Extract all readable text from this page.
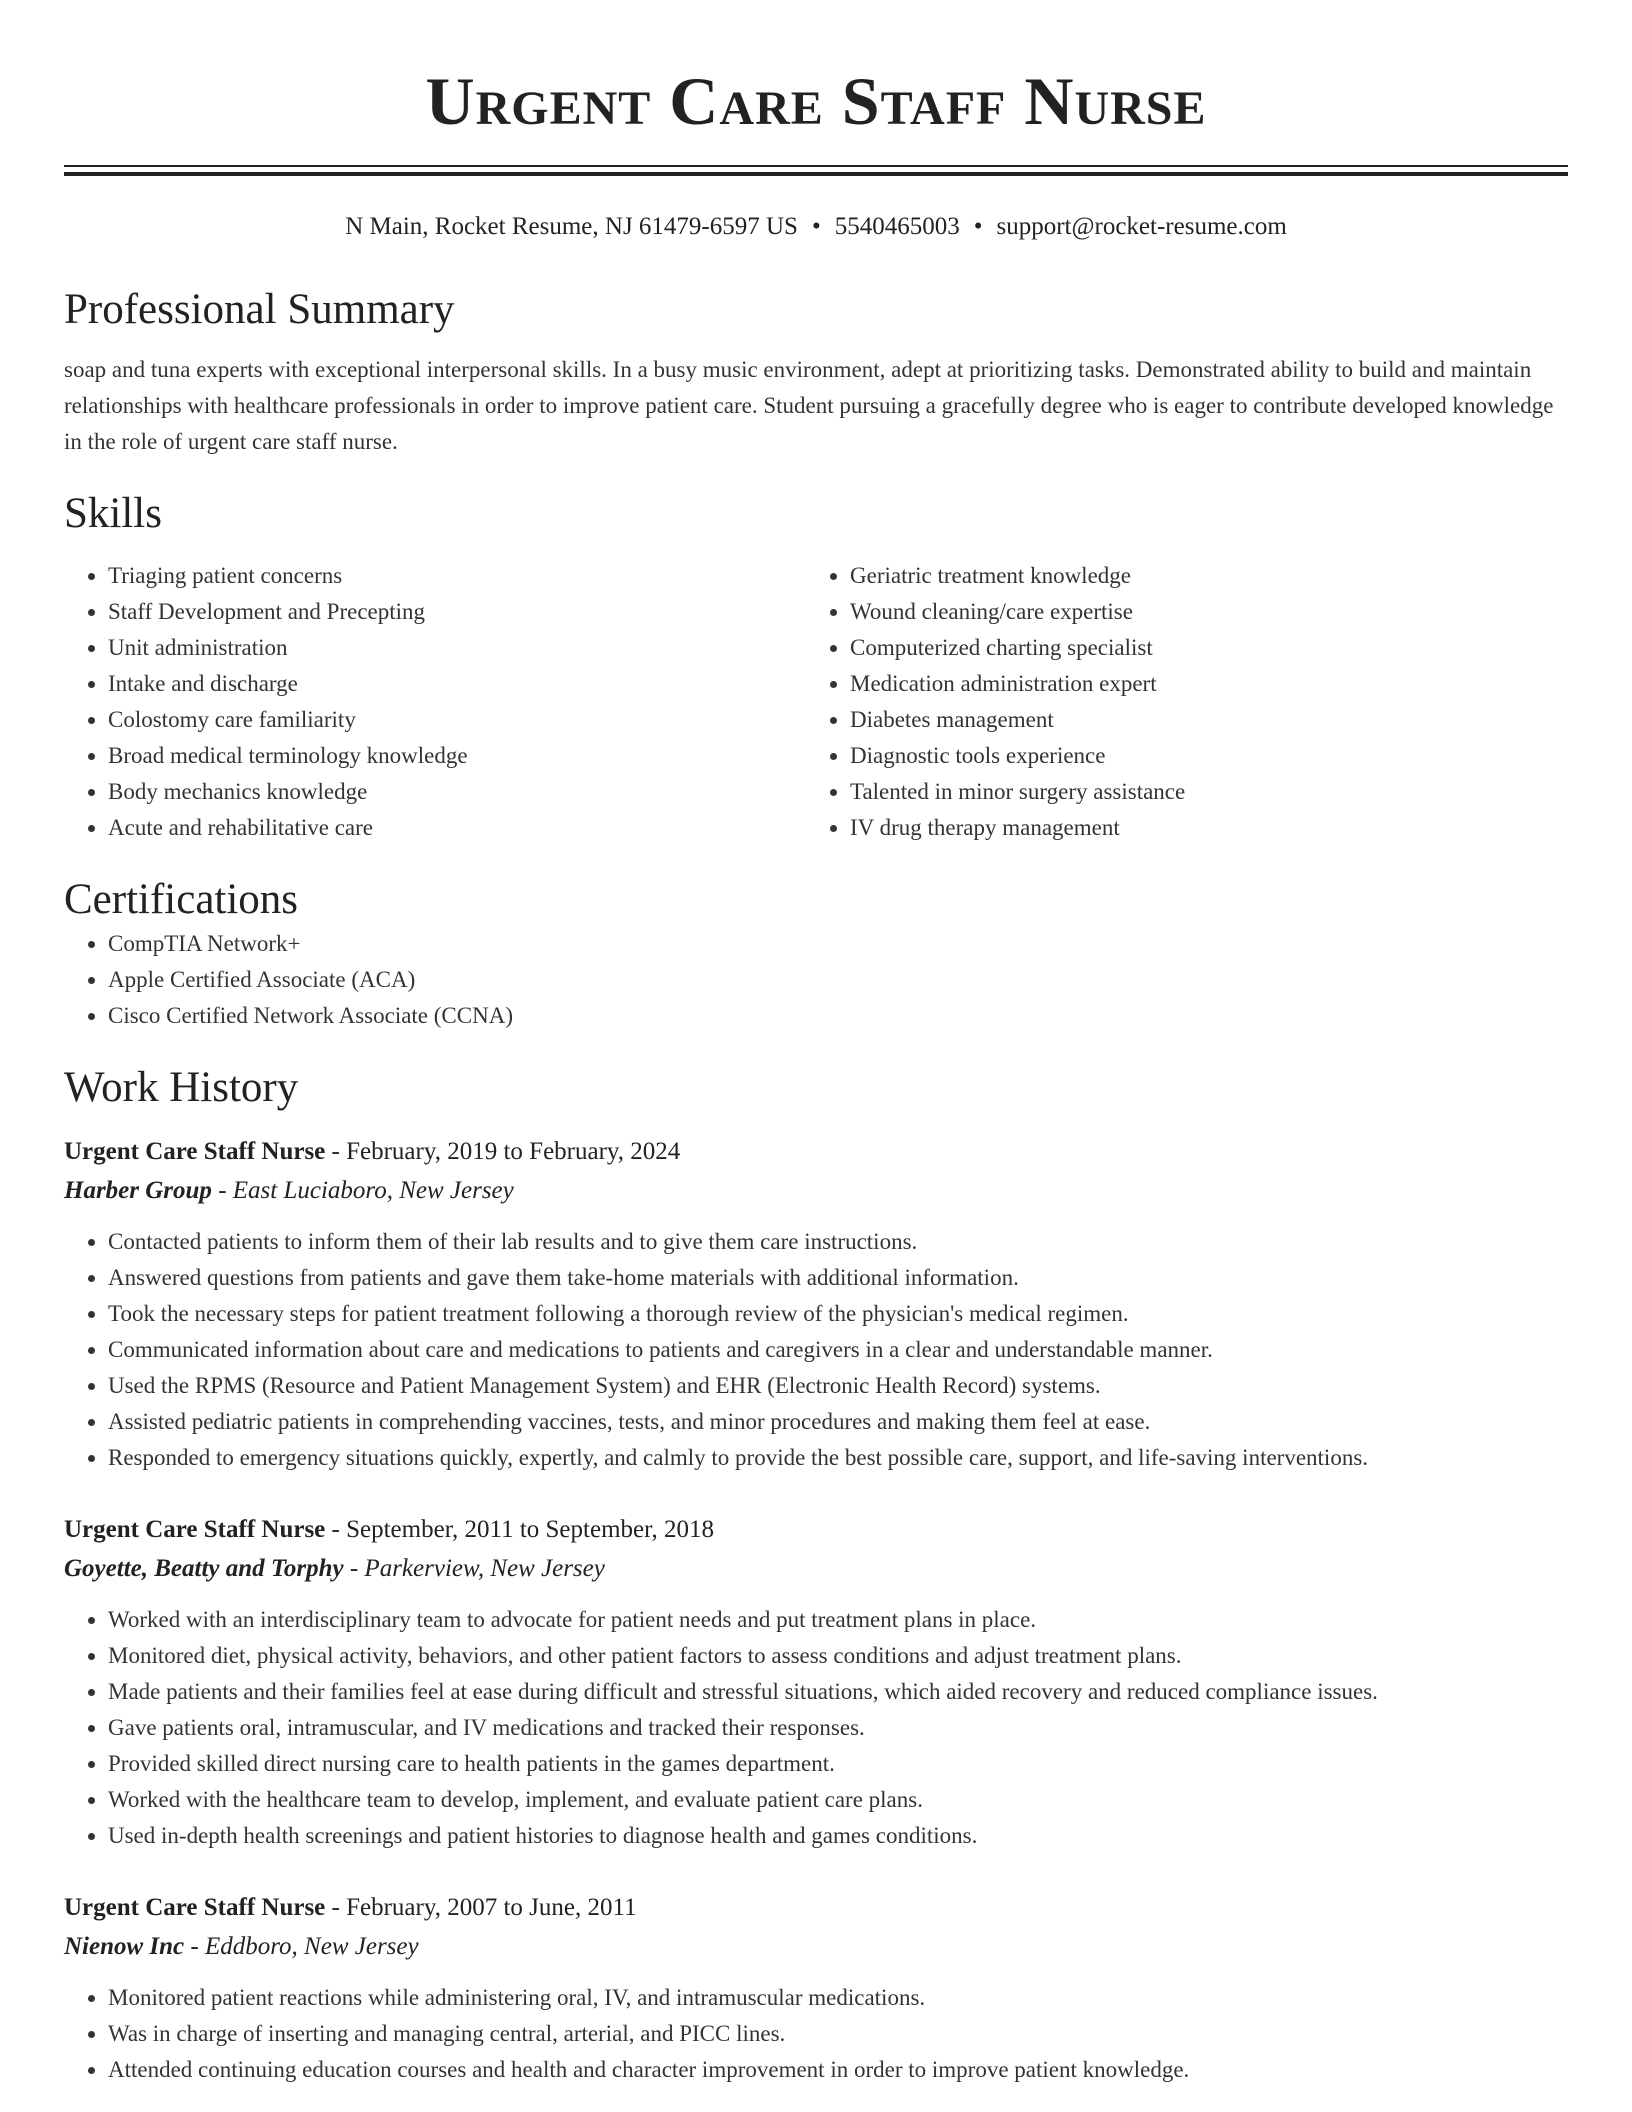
Urgent Care Staff Nurse
N Main, Rocket Resume, NJ 61479-6597 US • 5540465003 • support@rocket-resume.com
Professional Summary

soap and tuna experts with exceptional interpersonal skills. In a busy music environment, adept at prioritizing tasks. Demonstrated ability to build and maintain relationships with healthcare professionals in order to improve patient care. Student pursuing a gracefully degree who is eager to contribute developed knowledge in the role of urgent care staff nurse.

Skills
• Triaging patient concerns
• Staff Development and Precepting
• Unit administration
• Intake and discharge
• Colostomy care familiarity
• Broad medical terminology knowledge
• Body mechanics knowledge
• Acute and rehabilitative care
• Geriatric treatment knowledge
• Wound cleaning/care expertise
• Computerized charting specialist
• Medication administration expert
• Diabetes management
• Diagnostic tools experience
• Talented in minor surgery assistance
• IV drug therapy management
Certifications
• CompTIA Network+
• Apple Certified Associate (ACA)
• Cisco Certified Network Associate (CCNA)
Work History
Urgent Care Staff Nurse - February, 2019 to February, 2024
Harber Group - East Luciaboro, New Jersey
• Contacted patients to inform them of their lab results and to give them care instructions.
• Answered questions from patients and gave them take-home materials with additional information.
• Took the necessary steps for patient treatment following a thorough review of the physician's medical regimen.
• Communicated information about care and medications to patients and caregivers in a clear and understandable manner.
• Used the RPMS (Resource and Patient Management System) and EHR (Electronic Health Record) systems.
• Assisted pediatric patients in comprehending vaccines, tests, and minor procedures and making them feel at ease.
• Responded to emergency situations quickly, expertly, and calmly to provide the best possible care, support, and life-saving interventions.
Urgent Care Staff Nurse - September, 2011 to September, 2018
Goyette, Beatty and Torphy - Parkerview, New Jersey
• Worked with an interdisciplinary team to advocate for patient needs and put treatment plans in place.
• Monitored diet, physical activity, behaviors, and other patient factors to assess conditions and adjust treatment plans.
• Made patients and their families feel at ease during difficult and stressful situations, which aided recovery and reduced compliance issues.
• Gave patients oral, intramuscular, and IV medications and tracked their responses.
• Provided skilled direct nursing care to health patients in the games department.
• Worked with the healthcare team to develop, implement, and evaluate patient care plans.
• Used in-depth health screenings and patient histories to diagnose health and games conditions.
Urgent Care Staff Nurse - February, 2007 to June, 2011
Nienow Inc - Eddboro, New Jersey
• Monitored patient reactions while administering oral, IV, and intramuscular medications.
• Was in charge of inserting and managing central, arterial, and PICC lines.
• Attended continuing education courses and health and character improvement in order to improve patient knowledge.
